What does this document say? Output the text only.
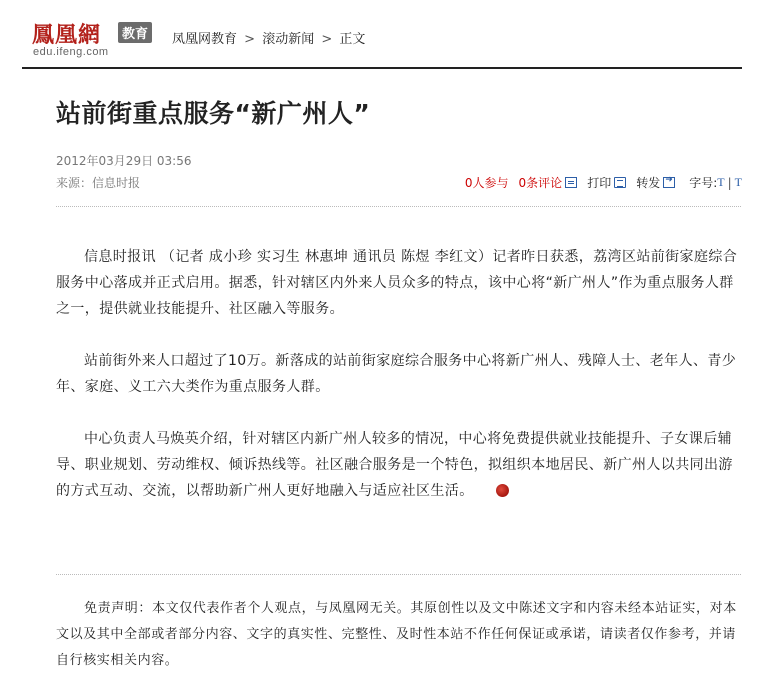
鳳凰網	教育
edu.ifeng.com
凤凰网教育 > 滚动新闻 > 正文
站前街重点服务“新广州人”
2012年03月29日 03:56
来源：信息时报	0人参与 0条评论 打印 转发
➜ 字号: T | T

信息时报讯 （记者 成小珍 实习生 林惠坤 通讯员 陈煜 李红文）记者昨日获悉，荔湾区站前街家庭综合服务中心落成并正式启用。据悉，针对辖区内外来人员众多的特点，该中心将“新广州人”作为重点服务人群之一，提供就业技能提升、社区融入等服务。

站前街外来人口超过了10万。新落成的站前街家庭综合服务中心将新广州人、残障人士、老年人、青少年、家庭、义工六大类作为重点服务人群。

中心负责人马焕英介绍，针对辖区内新广州人较多的情况，中心将免费提供就业技能提升、子女课后辅导、职业规划、劳动维权、倾诉热线等。社区融合服务是一个特色，拟组织本地居民、新广州人以共同出游的方式互动、交流，以帮助新广州人更好地融入与适应社区生活。

免责声明：本文仅代表作者个人观点，与凤凰网无关。其原创性以及文中陈述文字和内容未经本站证实，对本文以及其中全部或者部分内容、文字的真实性、完整性、及时性本站不作任何保证或承诺，请读者仅作参考，并请自行核实相关内容。
